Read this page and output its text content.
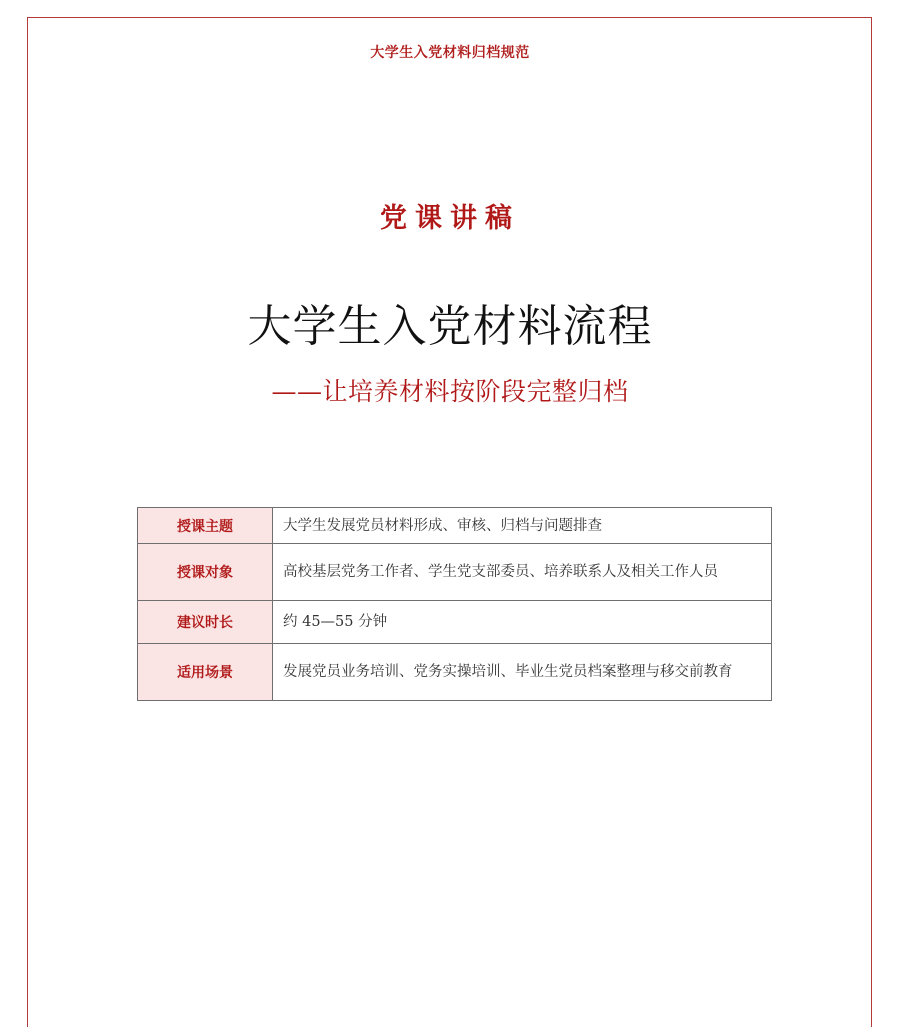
大学生入党材料归档规范
党课讲稿
大学生入党材料流程
——让培养材料按阶段完整归档
授课主题	大学生发展党员材料形成、审核、归档与问题排查
授课对象	高校基层党务工作者、学生党支部委员、培养联系人及相关工作人员
建议时长	约 45—55 分钟
适用场景	发展党员业务培训、党务实操培训、毕业生党员档案整理与移交前教育
